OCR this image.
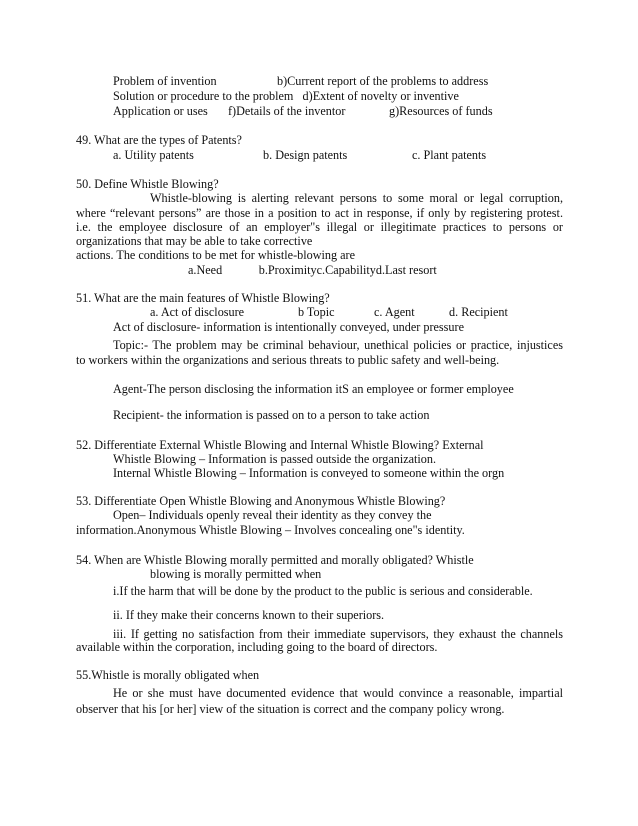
Problem of invention	b)Current report of the problems to address
Solution or procedure to the problem   d)Extent of novelty or inventive
Application or uses f)Details of the inventor	g)Resources of funds
49. What are the types of Patents?
a. Utility patents	b. Design patents	c. Plant patents
50. Define Whistle Blowing?
Whistle-blowing is alerting relevant persons to some moral or legal corruption,
where “relevant persons” are those in a position to act in response, if only by registering protest.
i.e. the employee disclosure of an employer"s illegal or illegitimate practices to persons or
organizations that may be able to take corrective
actions. The conditions to be met for whistle-blowing are
a.Need            b.Proximityc.Capabilityd.Last resort
51. What are the main features of Whistle Blowing?
a. Act of disclosure	b Topic	c. Agent	d. Recipient
Act of disclosure- information is intentionally conveyed, under pressure
Topic:- The problem may be criminal behaviour, unethical policies or practice, injustices
to workers within the organizations and serious threats to public safety and well-being.
Agent-The person disclosing the information itS an employee or former employee
Recipient- the information is passed on to a person to take action
52. Differentiate External Whistle Blowing and Internal Whistle Blowing? External
Whistle Blowing – Information is passed outside the organization.
Internal Whistle Blowing – Information is conveyed to someone within the orgn
53. Differentiate Open Whistle Blowing and Anonymous Whistle Blowing?
Open– Individuals openly reveal their identity as they convey the
information.Anonymous Whistle Blowing – Involves concealing one"s identity.
54. When are Whistle Blowing morally permitted and morally obligated? Whistle
blowing is morally permitted when
i.If the harm that will be done by the product to the public is serious and considerable.
ii. If they make their concerns known to their superiors.
iii. If getting no satisfaction from their immediate supervisors, they exhaust the channels
available within the corporation, including going to the board of directors.
55.Whistle is morally obligated when
He or she must have documented evidence that would convince a reasonable, impartial
observer that his [or her] view of the situation is correct and the company policy wrong.
